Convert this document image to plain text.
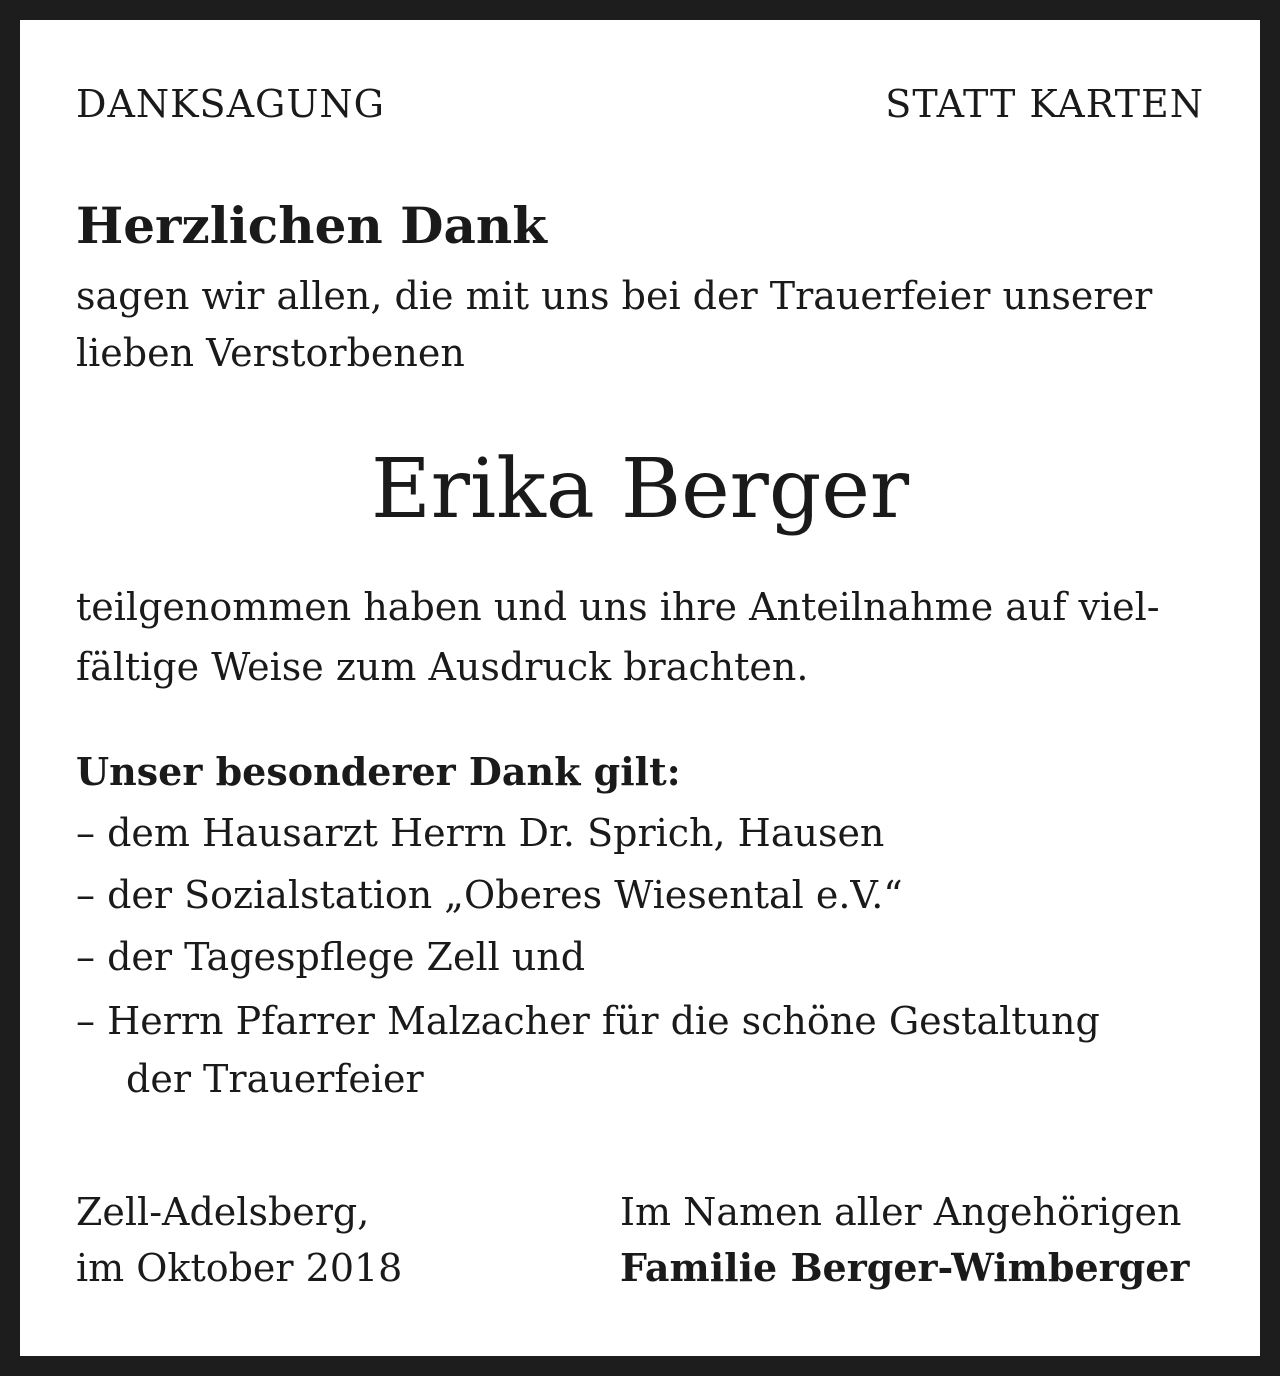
DANKSAGUNG	STATT KARTEN
Herzlichen Dank
sagen wir allen, die mit uns bei der Trauerfeier unserer
lieben Verstorbenen
Erika Berger
teilgenommen haben und uns ihre Anteilnahme auf viel-
fältige Weise zum Ausdruck brachten.
Unser besonderer Dank gilt:
– dem Hausarzt Herrn Dr. Sprich, Hausen
– der Sozialstation „Oberes Wiesental e.V.“
– der Tagespflege Zell und
– Herrn Pfarrer Malzacher für die schöne Gestaltung
der Trauerfeier
Zell-Adelsberg,
im Oktober 2018
Im Namen aller Angehörigen
Familie Berger-Wimberger
